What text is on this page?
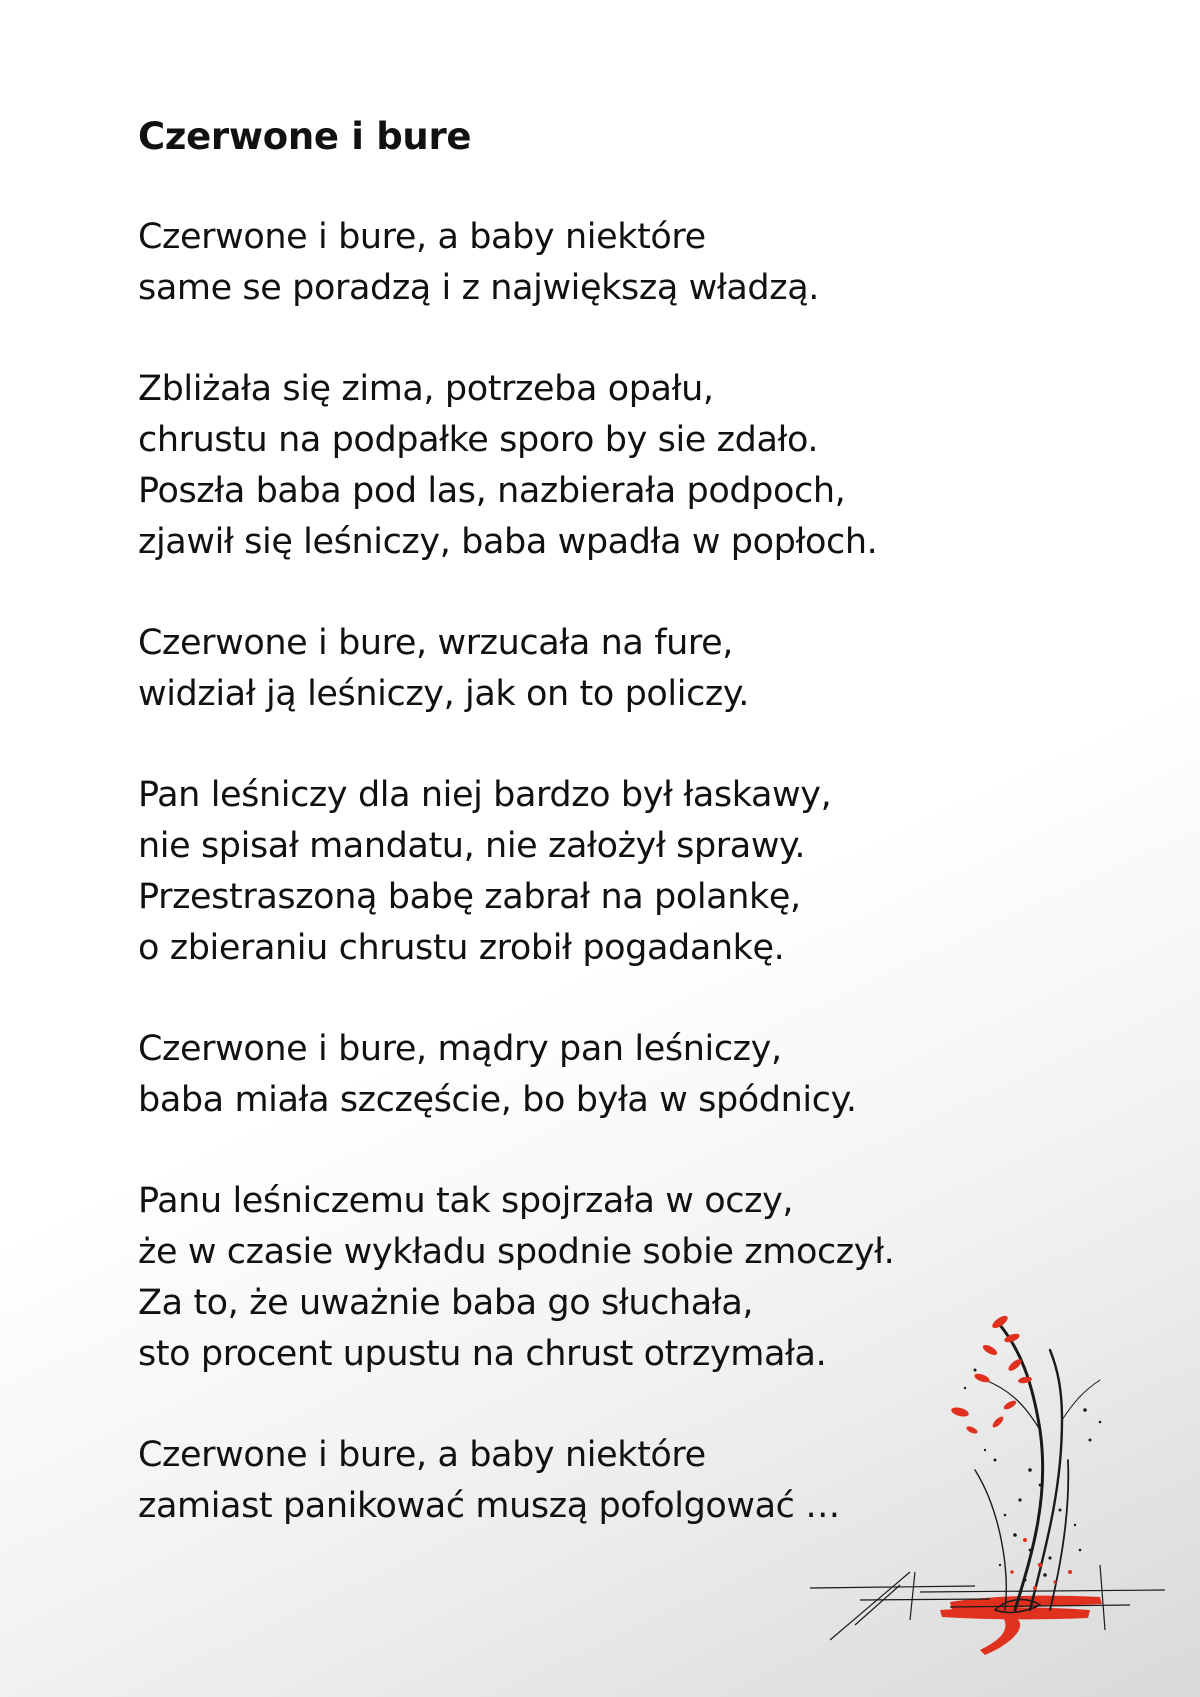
Czerwone i bure
Czerwone i bure, a baby niektóre
same se poradzą i z największą władzą.
Zbliżała się zima, potrzeba opału,
chrustu na podpałke sporo by sie zdało.
Poszła baba pod las, nazbierała podpoch,
zjawił się leśniczy, baba wpadła w popłoch.
Czerwone i bure, wrzucała na fure,
widział ją leśniczy, jak on to policzy.
Pan leśniczy dla niej bardzo był łaskawy,
nie spisał mandatu, nie założył sprawy.
Przestraszoną babę zabrał na polankę,
o zbieraniu chrustu zrobił pogadankę.
Czerwone i bure, mądry pan leśniczy,
baba miała szczęście, bo była w spódnicy.
Panu leśniczemu tak spojrzała w oczy,
że w czasie wykładu spodnie sobie zmoczył.
Za to, że uważnie baba go słuchała,
sto procent upustu na chrust otrzymała.
Czerwone i bure, a baby niektóre
zamiast panikować muszą pofolgować …
